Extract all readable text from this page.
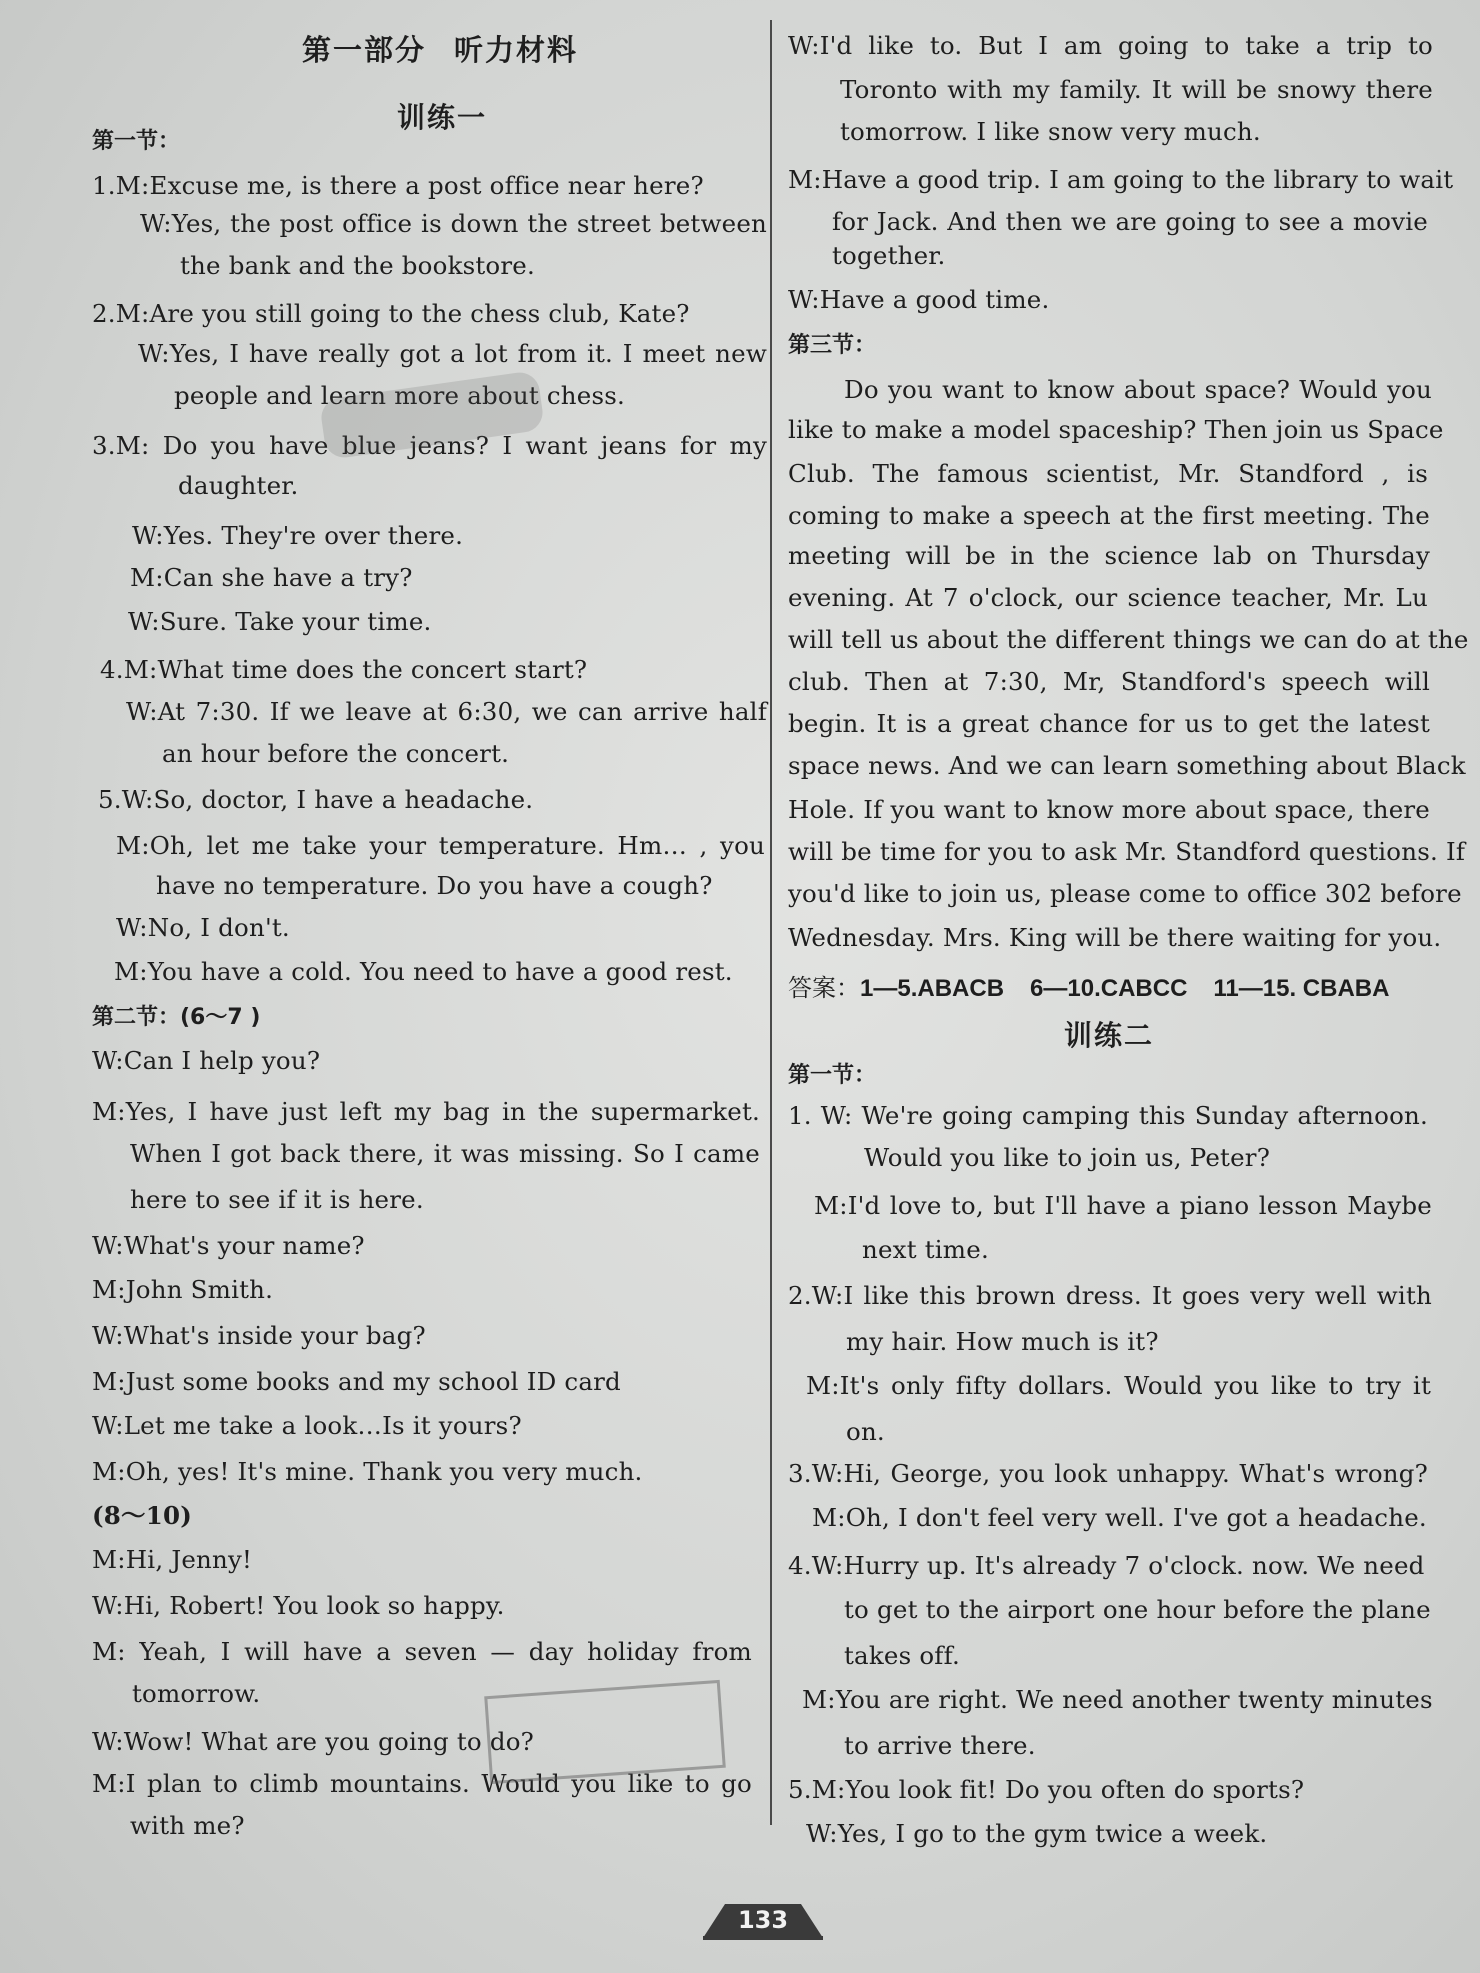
第一部分 听力材料
训练一
第一节：
1.M:Excuse me, is there a post office near here?
W:Yes, the post office is down the street between
the bank and the bookstore.
2.M:Are you still going to the chess club, Kate?
W:Yes, I have really got a lot from it. I meet new
people and learn more about chess.
3.M: Do you have blue jeans? I want jeans for my
daughter.
W:Yes. They're over there.
M:Can she have a try?
W:Sure. Take your time.
4.M:What time does the concert start?
W:At 7:30. If we leave at 6:30, we can arrive half
an hour before the concert.
5.W:So, doctor, I have a headache.
M:Oh, let me take your temperature. Hm… , you
have no temperature. Do you have a cough?
W:No, I don't.
M:You have a cold. You need to have a good rest.
第二节：(6～7 )
W:Can I help you?
M:Yes, I have just left my bag in the supermarket.
When I got back there, it was missing. So I came
here to see if it is here.
W:What's your name?
M:John Smith.
W:What's inside your bag?
M:Just some books and my school ID card
W:Let me take a look…Is it yours?
M:Oh, yes! It's mine. Thank you very much.
(8～10)
M:Hi, Jenny!
W:Hi, Robert! You look so happy.
M: Yeah, I will have a seven — day holiday from
tomorrow.
W:Wow! What are you going to do?
M:I plan to climb mountains. Would you like to go
with me?
W:I'd like to. But I am going to take a trip to
Toronto with my family. It will be snowy there
tomorrow. I like snow very much.
M:Have a good trip. I am going to the library to wait
for Jack. And then we are going to see a movie
together.
W:Have a good time.
第三节：
Do you want to know about space? Would you
like to make a model spaceship? Then join us Space
Club. The famous scientist, Mr. Standford , is
coming to make a speech at the first meeting. The
meeting will be in the science lab on Thursday
evening. At 7 o'clock, our science teacher, Mr. Lu
will tell us about the different things we can do at the
club. Then at 7:30, Mr, Standford's speech will
begin. It is a great chance for us to get the latest
space news. And we can learn something about Black
Hole. If you want to know more about space, there
will be time for you to ask Mr. Standford questions. If
you'd like to join us, please come to office 302 before
Wednesday. Mrs. King will be there waiting for you.
答案：1—5.ABACB 6—10.CABCC 11—15. CBABA
训练二
第一节：
1. W: We're going camping this Sunday afternoon.
Would you like to join us, Peter?
M:I'd love to, but I'll have a piano lesson Maybe
next time.
2.W:I like this brown dress. It goes very well with
my hair. How much is it?
M:It's only fifty dollars. Would you like to try it
on.
3.W:Hi, George, you look unhappy. What's wrong?
M:Oh, I don't feel very well. I've got a headache.
4.W:Hurry up. It's already 7 o'clock. now. We need
to get to the airport one hour before the plane
takes off.
M:You are right. We need another twenty minutes
to arrive there.
5.M:You look fit! Do you often do sports?
W:Yes, I go to the gym twice a week.
133
